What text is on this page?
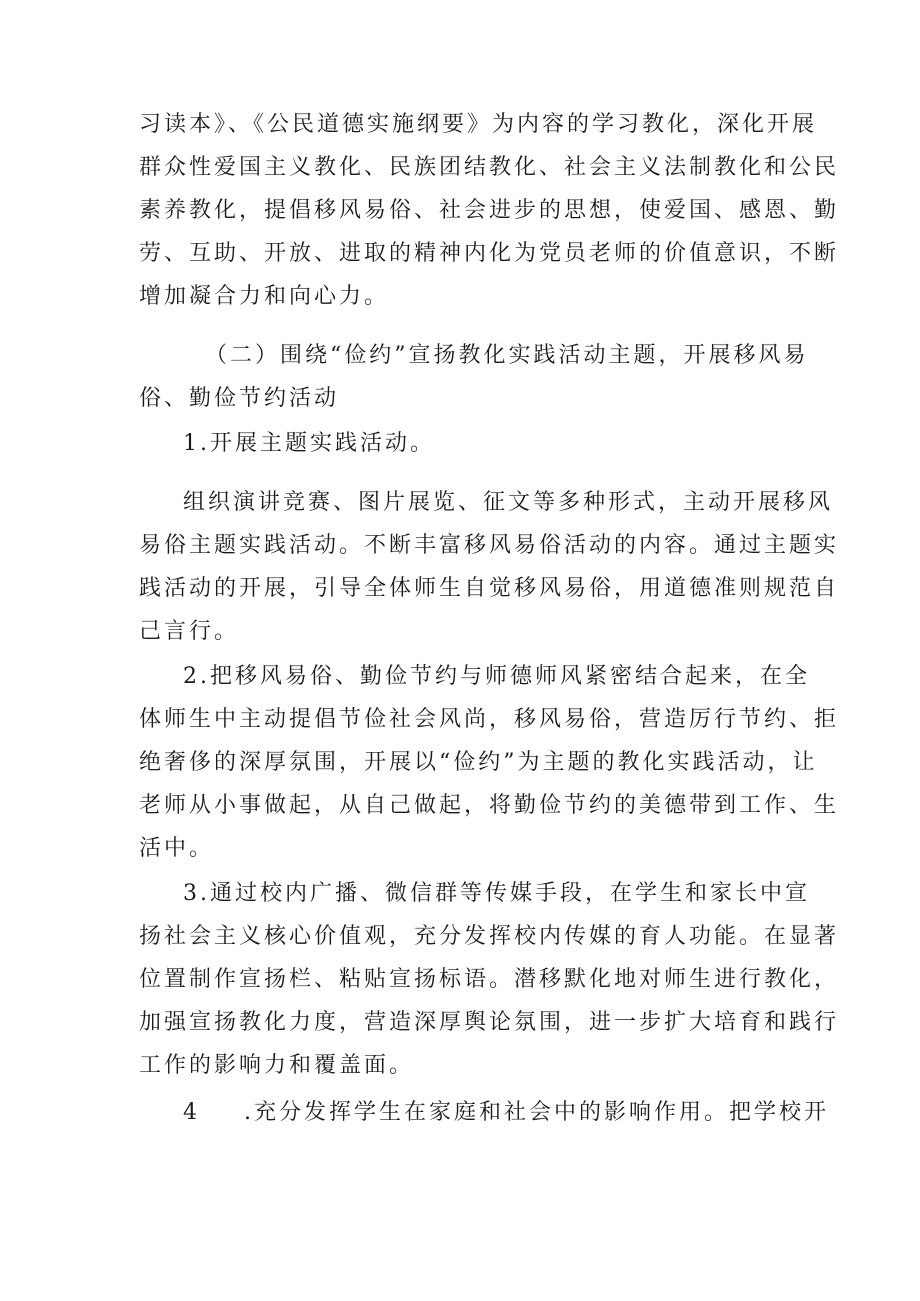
习读本》、《公民道德实施纲要》为内容的学习教化，深化开展
群众性爱国主义教化、民族团结教化、社会主义法制教化和公民
素养教化，提倡移风易俗、社会进步的思想，使爱国、感恩、勤
劳、互助、开放、进取的精神内化为党员老师的价值意识，不断
增加凝合力和向心力。
（二）围绕“俭约”宣扬教化实践活动主题，开展移风易
俗、勤俭节约活动
1.开展主题实践活动。
组织演讲竞赛、图片展览、征文等多种形式，主动开展移风
易俗主题实践活动。不断丰富移风易俗活动的内容。通过主题实
践活动的开展，引导全体师生自觉移风易俗，用道德准则规范自
己言行。
2.把移风易俗、勤俭节约与师德师风紧密结合起来，在全
体师生中主动提倡节俭社会风尚，移风易俗，营造厉行节约、拒
绝奢侈的深厚氛围，开展以“俭约”为主题的教化实践活动，让
老师从小事做起，从自己做起，将勤俭节约的美德带到工作、生
活中。
3.通过校内广播、微信群等传媒手段，在学生和家长中宣
扬社会主义核心价值观，充分发挥校内传媒的育人功能。在显著
位置制作宣扬栏、粘贴宣扬标语。潜移默化地对师生进行教化，
加强宣扬教化力度，营造深厚舆论氛围，进一步扩大培育和践行
工作的影响力和覆盖面。
4 .充分发挥学生在家庭和社会中的影响作用。把学校开
